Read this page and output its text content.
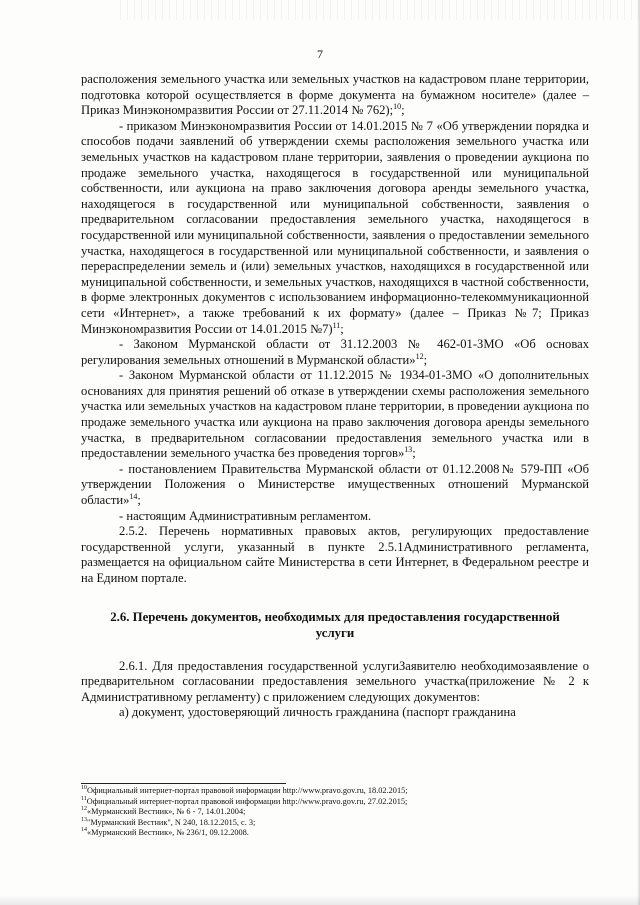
7

расположения земельного участка или земельных участков на кадастровом плане территории, подготовка которой осуществляется в форме документа на бумажном носителе» (далее – Приказ Минэкономразвития России от 27.11.2014 № 762);$^{10}$;

- приказом Минэкономразвития России от 14.01.2015 № 7 «Об утверждении порядка и способов подачи заявлений об утверждении схемы расположения земельного участка или земельных участков на кадастровом плане территории, заявления о проведении аукциона по продаже земельного участка, находящегося в государственной или муниципальной собственности, или аукциона на право заключения договора аренды земельного участка, находящегося в государственной или муниципальной собственности, заявления о предварительном согласовании предоставления земельного участка, находящегося в государственной или муниципальной собственности, заявления о предоставлении земельного участка, находящегося в государственной или муниципальной собственности, и заявления о перераспределении земель и (или) земельных участков, находящихся в государственной или муниципальной собственности, и земельных участков, находящихся в частной собственности, в форме электронных документов с использованием информационно-телекоммуникационной сети «Интернет», а также требований к их формату» (далее – Приказ №7; Приказ Минэкономразвития России от 14.01.2015 №7)$^{11}$;

- Законом Мурманской области от 31.12.2003 № 462-01-ЗМО «Об основах регулирования земельных отношений в Мурманской области»$^{12}$;

- Законом Мурманской области от 11.12.2015 № 1934-01-ЗМО «О дополнительных основаниях для принятия решений об отказе в утверждении схемы расположения земельного участка или земельных участков на кадастровом плане территории, в проведении аукциона по продаже земельного участка или аукциона на право заключения договора аренды земельного участка, в предварительном согласовании предоставления земельного участка или в предоставлении земельного участка без проведения торгов»$^{13}$;

- постановлением Правительства Мурманской области от 01.12.2008№ 579-ПП «Об утверждении Положения о Министерстве имущественных отношений Мурманской области»$^{14}$;

- настоящим Административным регламентом.

2.5.2. Перечень нормативных правовых актов, регулирующих предоставление государственной услуги, указанный в пункте 2.5.1Административного регламента, размещается на официальном сайте Министерства в сети Интернет, в Федеральном реестре и на Едином портале.

2.6. Перечень документов, необходимых для предоставления государственной услуги

2.6.1. Для предоставления государственной услугиЗаявителю необходимозаявление о предварительном согласовании предоставления земельного участка(приложение № 2 к Административному регламенту) с приложением следующих документов:

а) документ, удостоверяющий личность гражданина (паспорт гражданина

$^{10}$Официальный интернет-портал правовой информации http://www.pravo.gov.ru, 18.02.2015;
$^{11}$Официальный интернет-портал правовой информации http://www.pravo.gov.ru, 27.02.2015;
$^{12}$«Мурманский Вестник», № 6 - 7, 14.01.2004;
$^{13}$"Мурманский Вестник", N 240, 18.12.2015, с. 3;
$^{14}$«Мурманский Вестник», № 236/1, 09.12.2008.
